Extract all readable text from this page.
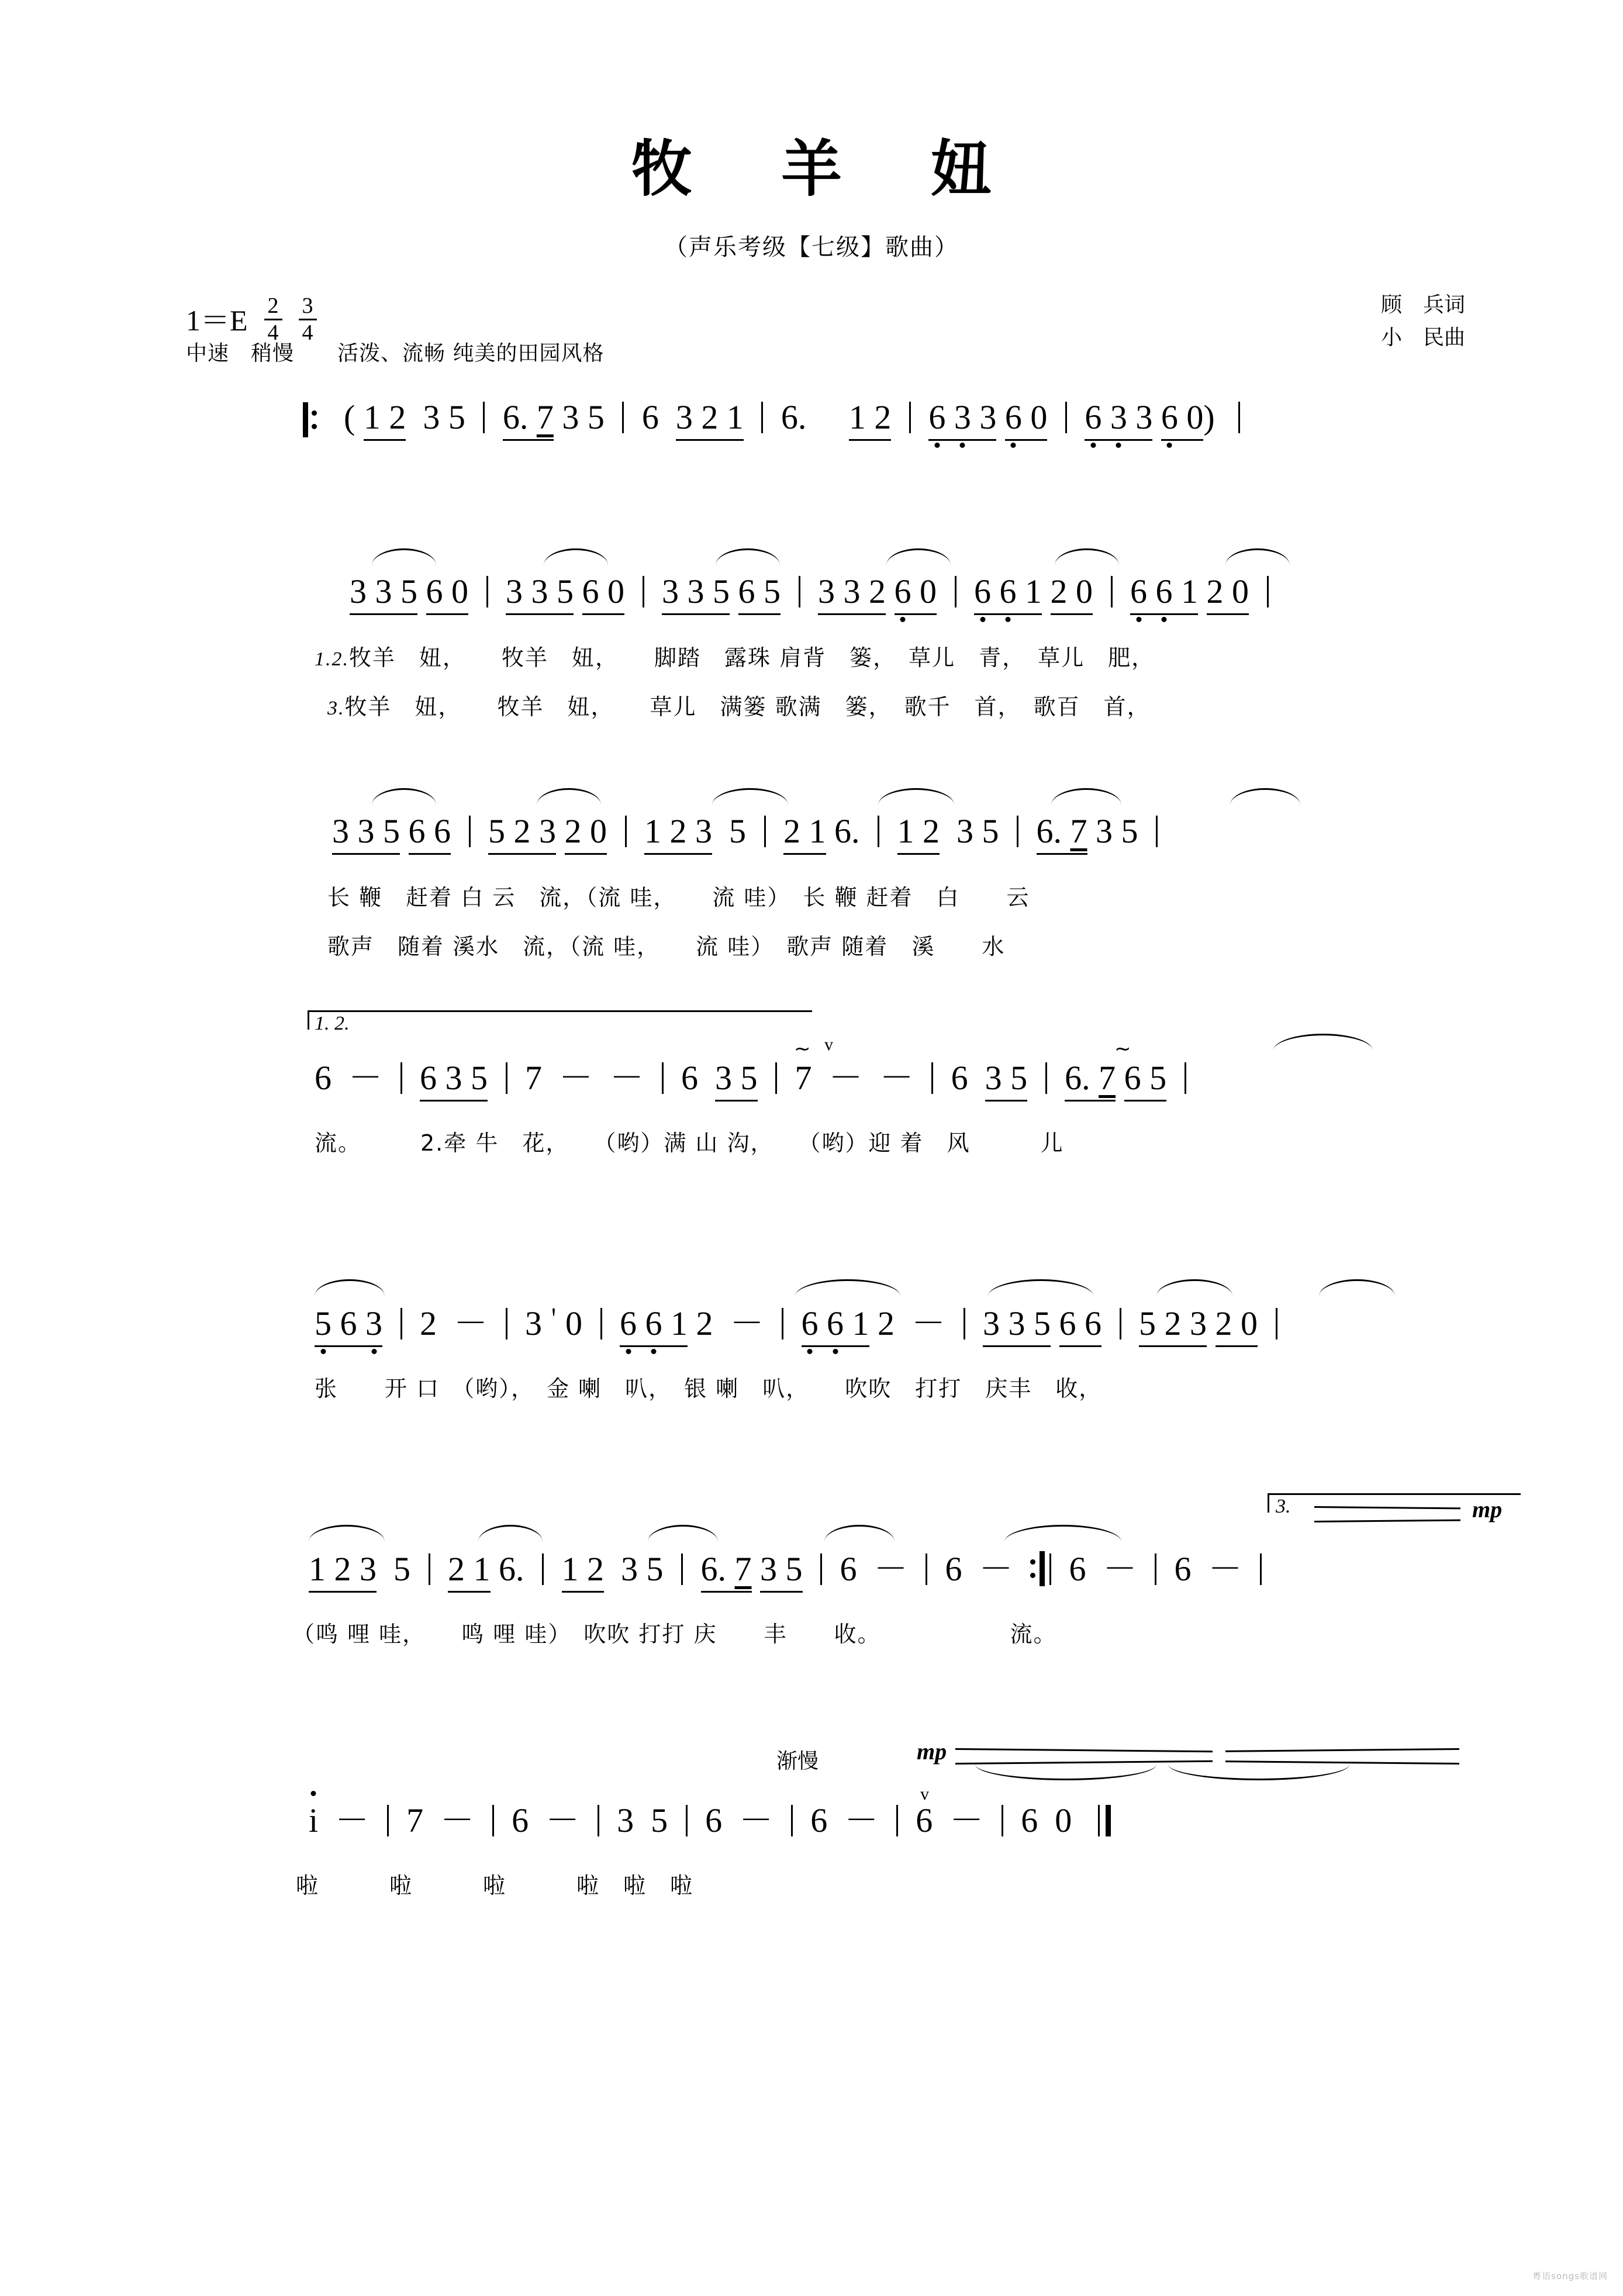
牧 羊 妞
（声乐考级【七级】歌曲）
$1=E \frac{2}{4} \frac{3}{4}$
中速　稍慢　　活泼、流畅 纯美的田园风格
顾　兵词
小　民曲
( 1 2 3 5 6. 7 3 5 6 3 2 1 6. 1 2 6 3 3 6 0 6 3 3 6 0)
3 3 5 6 0 3 3 5 6 0 3 3 5 6 5 3 3 2 6 0 6 6 1 2 0 6 6 1 2 0
1.2.牧羊　妞，　　牧羊　妞，　　脚踏　露珠 肩背　篓，　草儿　青，　草儿　肥，
3.牧羊　妞，　　牧羊　妞，　　草儿　满篓 歌满　篓，　歌千　首，　歌百　首，
3 3 5 6 6 5 2 3 2 0 1 2 3 5 2 1 6. 1 2 3 5 6. 7 3 5
长 鞭　赶着 白 云　流，（流 哇，　　流 哇）　长 鞭 赶着　白　　云
歌声　随着 溪水　流，（流 哇，　　流 哇）　歌声 随着　溪　　水
1. 2.
∼ v	∼
6 － 6 3 5 7 － － 6 3 5 7 － － 6 3 5 6. 7 6 5
流。　　　2.牵 牛　花，　　（哟）满 山 沟，　　（哟）迎 着　风　　　儿
5 6 3 2 － 3＇0 6 6 1 2 － 6 6 1 2 － 3 3 5 6 6 5 2 3 2 0
张　　开 口　（哟），　金 喇　叭，　银 喇　叭，　　吹吹　打打　庆丰　收，
3.	mp
1 2 3 5 2 1 6. 1 2 3 5 6. 7 3 5 6 － 6 － 6 － 6 －
（鸣 哩 哇，　　鸣 哩 哇）　吹吹 打打 庆　　丰　　收。　　　　　　流。
渐慢	mp
v
i － 7 － 6 － 3 5 6 － 6 － 6 － 6 0
啦　　　啦　　　啦　　　啦　啦　啦
粤语songs歌谱网
